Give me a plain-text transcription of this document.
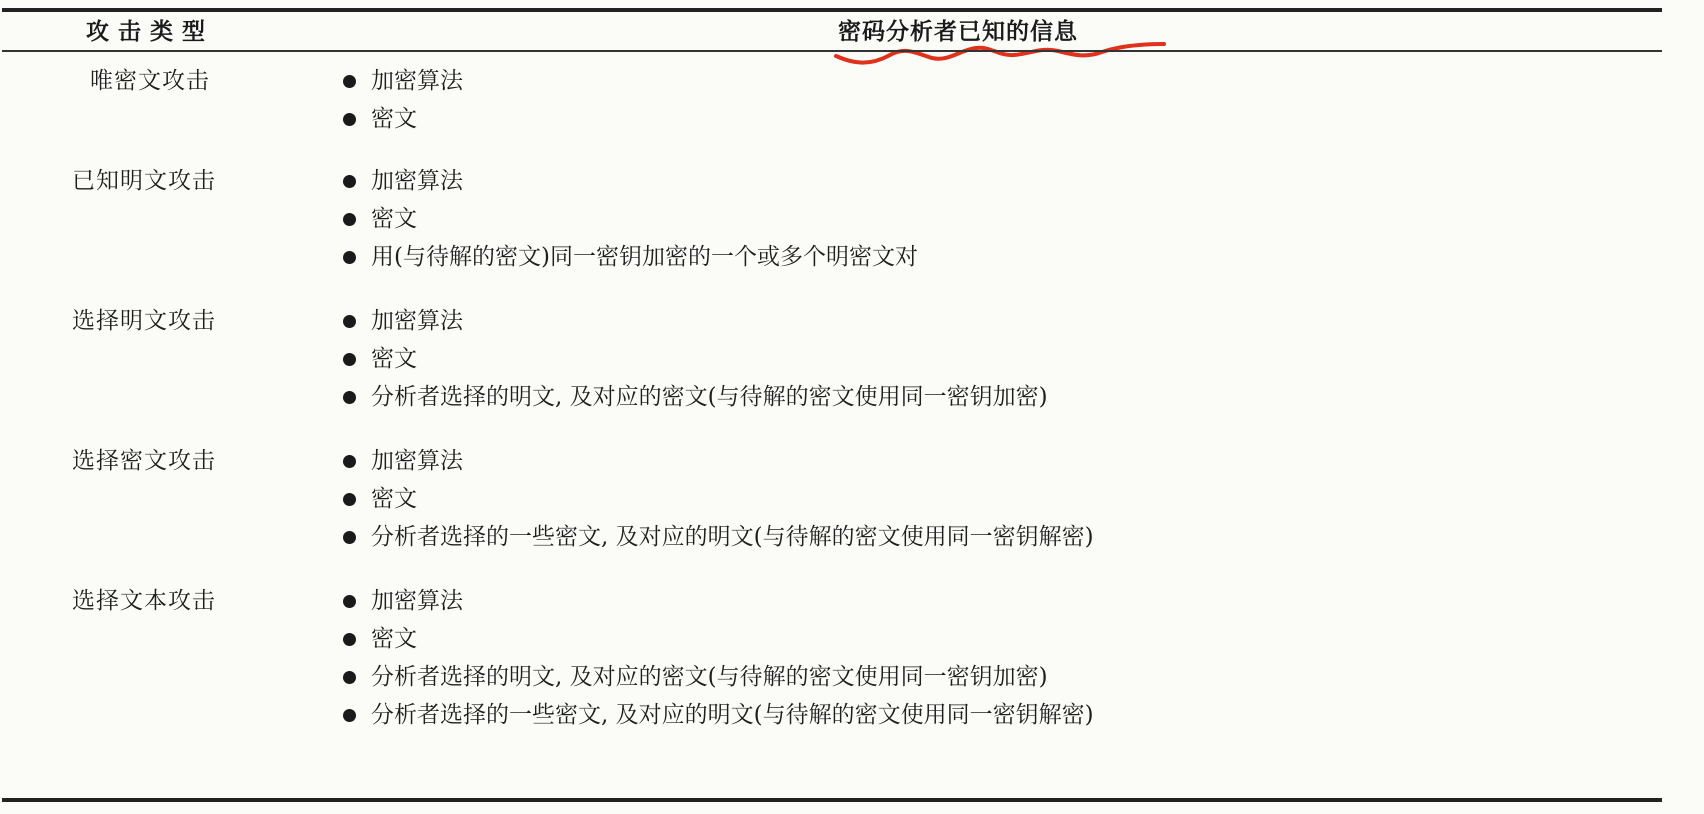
攻击类型	密码分析者已知的信息
唯密文攻击	加密算法
密文
已知明文攻击	加密算法
密文
用(与待解的密文)同一密钥加密的一个或多个明密文对
选择明文攻击	加密算法
密文
分析者选择的明文, 及对应的密文(与待解的密文使用同一密钥加密)
选择密文攻击	加密算法
密文
分析者选择的一些密文, 及对应的明文(与待解的密文使用同一密钥解密)
选择文本攻击	加密算法
密文
分析者选择的明文, 及对应的密文(与待解的密文使用同一密钥加密)
分析者选择的一些密文, 及对应的明文(与待解的密文使用同一密钥解密)
